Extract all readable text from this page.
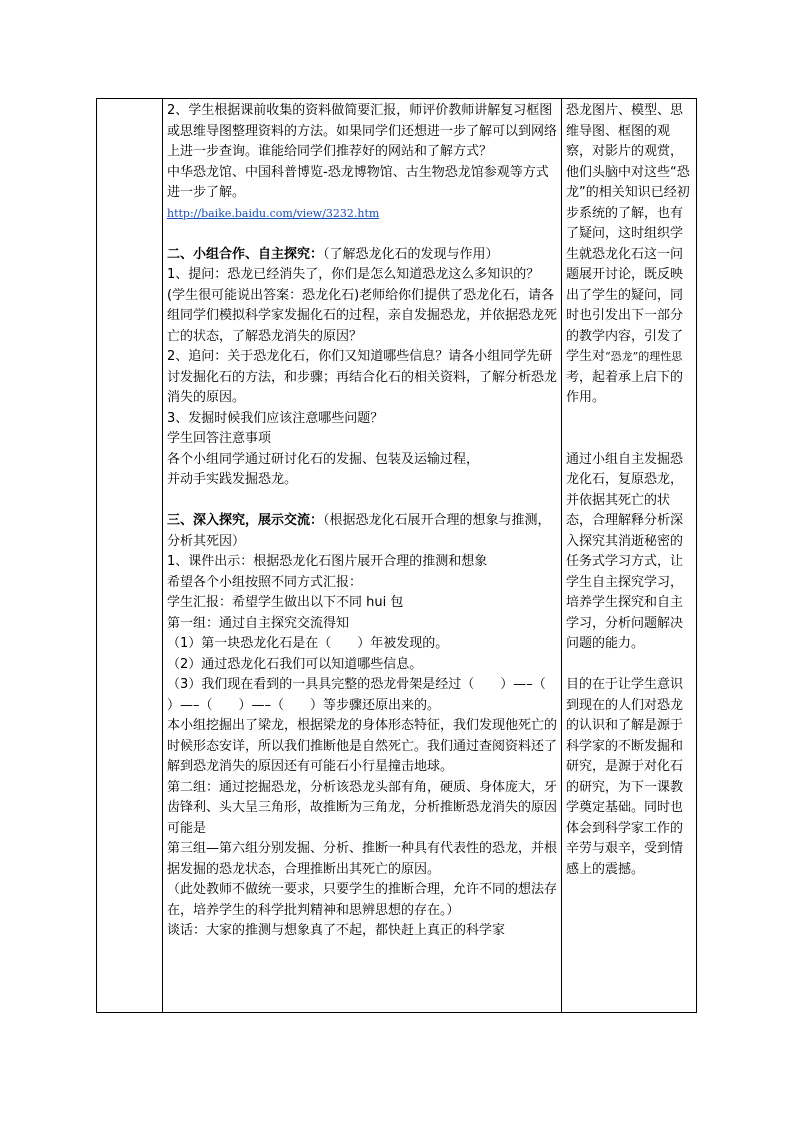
2、学生根据课前收集的资料做简要汇报，师评价教师讲解复习框图或思维导图整理资料的方法。如果同学们还想进一步了解可以到网络上进一步查询。谁能给同学们推荐好的网站和了解方式？

中华恐龙馆、中国科普博览-恐龙博物馆、古生物恐龙馆参观等方式进一步了解。

http://baike.baidu.com/view/3232.htm

二、小组合作、自主探究：（了解恐龙化石的发现与作用）

1、提问：恐龙已经消失了，你们是怎么知道恐龙这么多知识的？

(学生很可能说出答案：恐龙化石)老师给你们提供了恐龙化石，请各组同学们模拟科学家发掘化石的过程，亲自发掘恐龙，并依据恐龙死亡的状态，了解恐龙消失的原因？

2、追问：关于恐龙化石，你们又知道哪些信息？请各小组同学先研讨发掘化石的方法，和步骤；再结合化石的相关资料，了解分析恐龙消失的原因。

3、发掘时候我们应该注意哪些问题？

学生回答注意事项

各个小组同学通过研讨化石的发掘、包装及运输过程，

并动手实践发掘恐龙。

三、深入探究，展示交流：（根据恐龙化石展开合理的想象与推测，分析其死因）

1、课件出示：根据恐龙化石图片展开合理的推测和想象

希望各个小组按照不同方式汇报：

学生汇报：希望学生做出以下不同 hui 包

第一组：通过自主探究交流得知

（1）第一块恐龙化石是在（　　）年被发现的。

（2）通过恐龙化石我们可以知道哪些信息。

（3）我们现在看到的一具具完整的恐龙骨架是经过（　　）—–（　　）—–（　　）—–（　　）等步骤还原出来的。

本小组挖掘出了梁龙，根据梁龙的身体形态特征，我们发现他死亡的时候形态安详，所以我们推断他是自然死亡。我们通过查阅资料还了解到恐龙消失的原因还有可能石小行星撞击地球。

第二组：通过挖掘恐龙，分析该恐龙头部有角，硬质、身体庞大，牙齿锋利、头大呈三角形，故推断为三角龙，分析推断恐龙消失的原因可能是

第三组—第六组分别发掘、分析、推断一种具有代表性的恐龙，并根据发掘的恐龙状态，合理推断出其死亡的原因。

（此处教师不做统一要求，只要学生的推断合理，允许不同的想法存在，培养学生的科学批判精神和思辨思想的存在。）

谈话：大家的推测与想象真了不起，都快赶上真正的科学家

恐龙图片、模型、思维导图、框图的观察，对影片的观赏，他们头脑中对这些“恐龙”的相关知识已经初步系统的了解，也有了疑问，这时组织学生就恐龙化石这一问题展开讨论，既反映出了学生的疑问，同时也引发出下一部分的教学内容，引发了学生对“恐龙”的理性思考，起着承上启下的作用。

通过小组自主发掘恐龙化石，复原恐龙，并依据其死亡的状态，合理解释分析深入探究其消逝秘密的任务式学习方式，让学生自主探究学习，培养学生探究和自主学习，分析问题解决问题的能力。

目的在于让学生意识到现在的人们对恐龙的认识和了解是源于科学家的不断发掘和研究，是源于对化石的研究，为下一课教学奠定基础。同时也体会到科学家工作的辛劳与艰辛，受到情感上的震撼。
